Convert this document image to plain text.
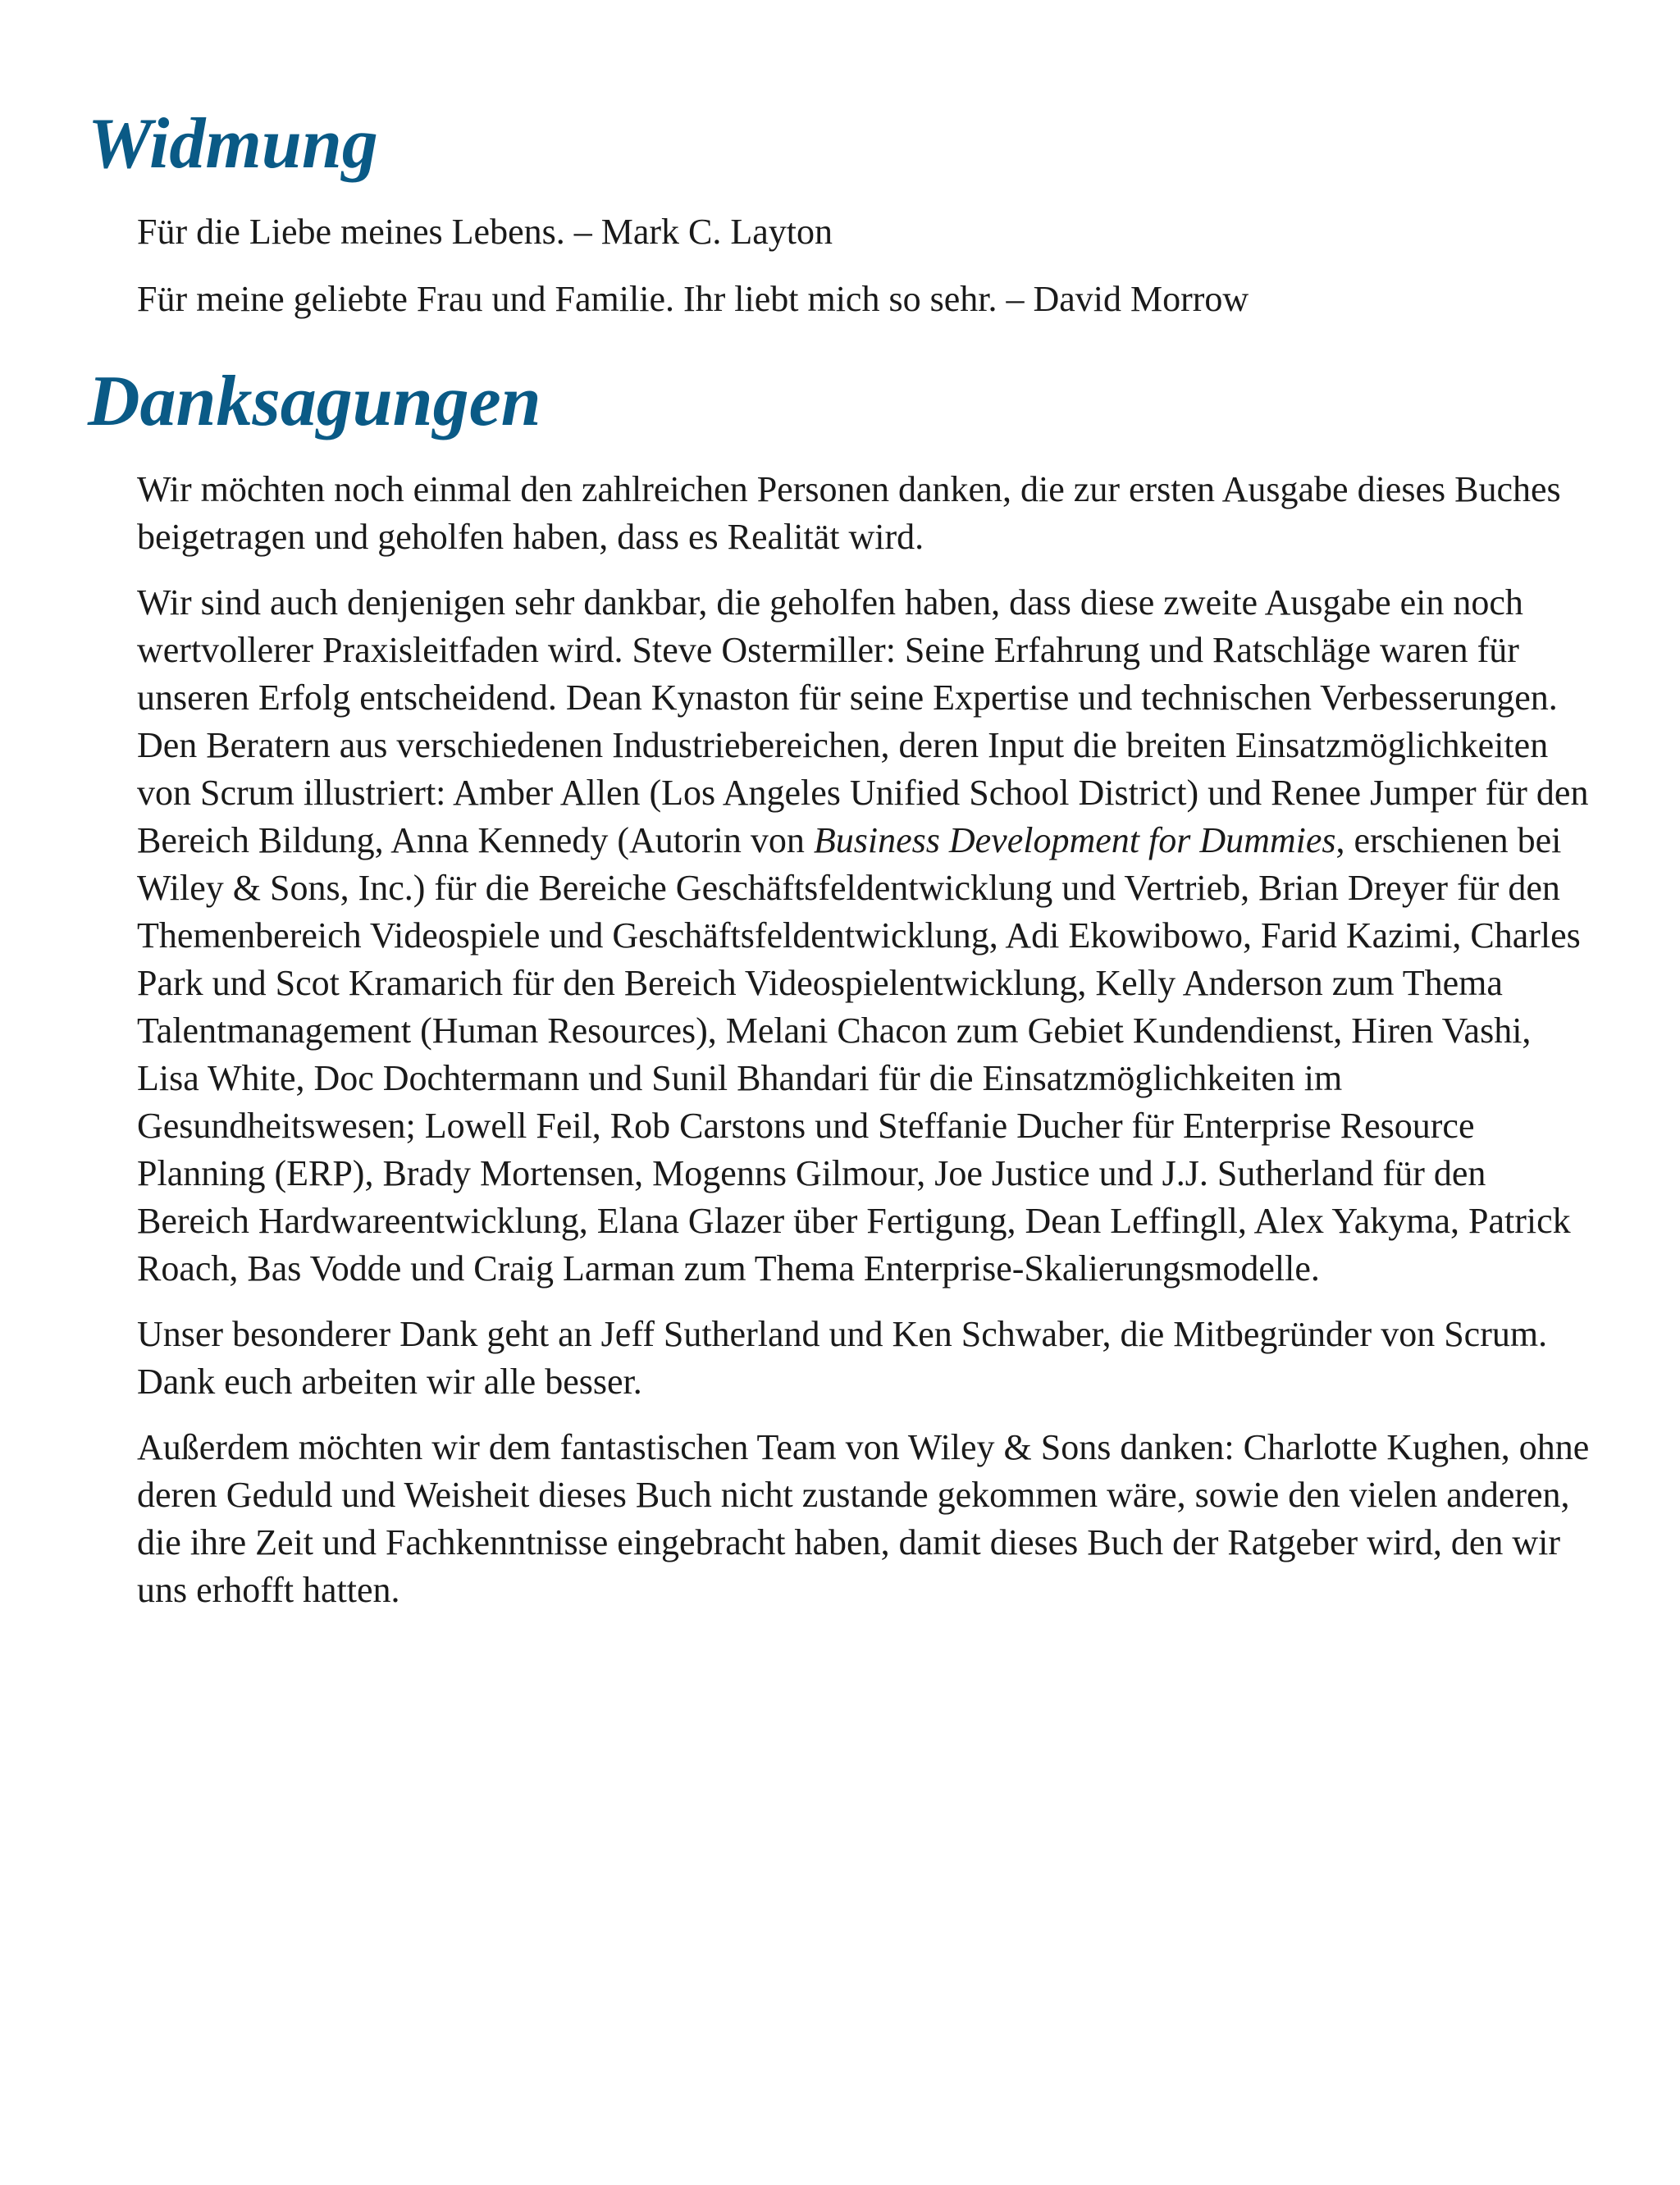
Widmung

Für die Liebe meines Lebens. – Mark C. Layton

Für meine geliebte Frau und Familie. Ihr liebt mich so sehr. – David Morrow

Danksagungen

Wir möchten noch einmal den zahlreichen Personen danken, die zur ersten Ausgabe dieses Buches beigetragen und geholfen haben, dass es Realität wird.

Wir sind auch denjenigen sehr dankbar, die geholfen haben, dass diese zweite Ausgabe ein noch wertvollerer Praxisleitfaden wird. Steve Ostermiller: Seine Erfahrung und Ratschläge waren für unseren Erfolg entscheidend. Dean Kynaston für seine Expertise und technischen Verbesserungen. Den Beratern aus verschiedenen Industriebereichen, deren Input die breiten Einsatzmöglichkeiten von Scrum illustriert: Amber Allen (Los Angeles Unified School District) und Renee Jumper für den Bereich Bildung, Anna Kennedy (Autorin von Business Development for Dummies, erschienen bei Wiley & Sons, Inc.) für die Bereiche Geschäftsfeldentwicklung und Vertrieb, Brian Dreyer für den Themenbereich Videospiele und Geschäftsfeldentwicklung, Adi Ekowibowo, Farid Kazimi, Charles Park und Scot Kramarich für den Bereich Videospielentwicklung, Kelly Anderson zum Thema Talentmanagement (Human Resources), Melani Chacon zum Gebiet Kundendienst, Hiren Vashi, Lisa White, Doc Dochtermann und Sunil Bhandari für die Einsatzmöglichkeiten im Gesundheitswesen; Lowell Feil, Rob Carstons und Steffanie Ducher für Enterprise Resource Planning (ERP), Brady Mortensen, Mogenns Gilmour, Joe Justice und J.J. Sutherland für den Bereich Hardwareentwicklung, Elana Glazer über Fertigung, Dean Leffingll, Alex Yakyma, Patrick Roach, Bas Vodde und Craig Larman zum Thema Enterprise-Skalierungsmodelle.

Unser besonderer Dank geht an Jeff Sutherland und Ken Schwaber, die Mitbegründer von Scrum. Dank euch arbeiten wir alle besser.

Außerdem möchten wir dem fantastischen Team von Wiley & Sons danken: Charlotte Kughen, ohne deren Geduld und Weisheit dieses Buch nicht zustande gekommen wäre, sowie den vielen anderen, die ihre Zeit und Fachkenntnisse eingebracht haben, damit dieses Buch der Ratgeber wird, den wir uns erhofft hatten.
